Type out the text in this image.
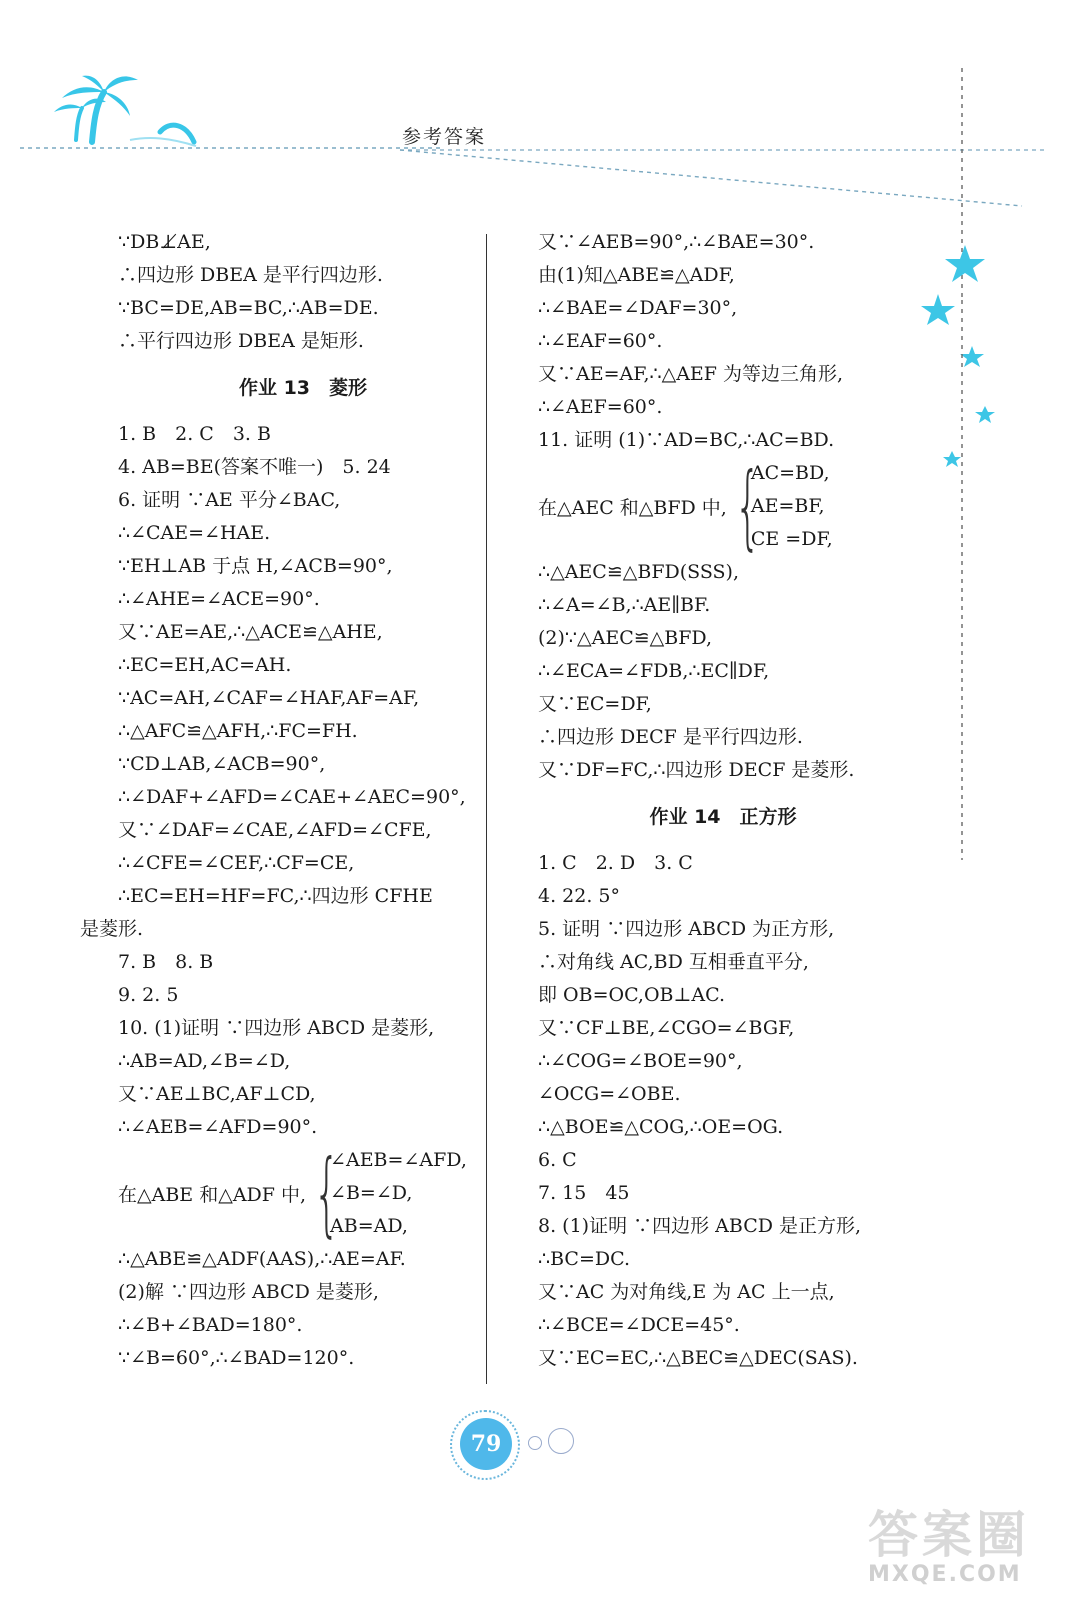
参考答案
∵DB⊥̸AE,
∴四边形 DBEA 是平行四边形.
∵BC=DE,AB=BC,∴AB=DE.
∴平行四边形 DBEA 是矩形.
作业 13　菱形
1. B　2. C　3. B
4. AB=BE(答案不唯一)　5. 24
6. 证明 ∵AE 平分∠BAC,
∴∠CAE=∠HAE.
∵EH⊥AB 于点 H,∠ACB=90°,
∴∠AHE=∠ACE=90°.
又∵AE=AE,∴△ACE≌△AHE,
∴EC=EH,AC=AH.
∵AC=AH,∠CAF=∠HAF,AF=AF,
∴△AFC≌△AFH,∴FC=FH.
∵CD⊥AB,∠ACB=90°,
∴∠DAF+∠AFD=∠CAE+∠AEC=90°,
又∵∠DAF=∠CAE,∠AFD=∠CFE,
∴∠CFE=∠CEF,∴CF=CE,
∴EC=EH=HF=FC,∴四边形 CFHE
是菱形.
7. B　8. B
9. 2. 5
10. (1)证明 ∵四边形 ABCD 是菱形,
∴AB=AD,∠B=∠D,
又∵AE⊥BC,AF⊥CD,
∴∠AEB=∠AFD=90°.
在△ABE 和△ADF 中, {
∠AEB=∠AFD,
∠B=∠D,
AB=AD,
∴△ABE≌△ADF(AAS),∴AE=AF.
(2)解 ∵四边形 ABCD 是菱形,
∴∠B+∠BAD=180°.
∵∠B=60°,∴∠BAD=120°.
又∵∠AEB=90°,∴∠BAE=30°.
由(1)知△ABE≌△ADF,
∴∠BAE=∠DAF=30°,
∴∠EAF=60°.
又∵AE=AF,∴△AEF 为等边三角形,
∴∠AEF=60°.
11. 证明 (1)∵AD=BC,∴AC=BD.
在△AEC 和△BFD 中, {
AC=BD,
AE=BF,
CE =DF,
∴△AEC≌△BFD(SSS),
∴∠A=∠B,∴AE∥BF.
(2)∵△AEC≌△BFD,
∴∠ECA=∠FDB,∴EC∥DF,
又∵EC=DF,
∴四边形 DECF 是平行四边形.
又∵DF=FC,∴四边形 DECF 是菱形.
作业 14　正方形
1. C　2. D　3. C
4. 22. 5°
5. 证明 ∵四边形 ABCD 为正方形,
∴对角线 AC,BD 互相垂直平分,
即 OB=OC,OB⊥AC.
又∵CF⊥BE,∠CGO=∠BGF,
∴∠COG=∠BOE=90°,
∠OCG=∠OBE.
∴△BOE≌△COG,∴OE=OG.
6. C
7. 15　45
8. (1)证明 ∵四边形 ABCD 是正方形,
∴BC=DC.
又∵AC 为对角线,E 为 AC 上一点,
∴∠BCE=∠DCE=45°.
又∵EC=EC,∴△BEC≌△DEC(SAS).
79
答案圈
MXQE.COM
